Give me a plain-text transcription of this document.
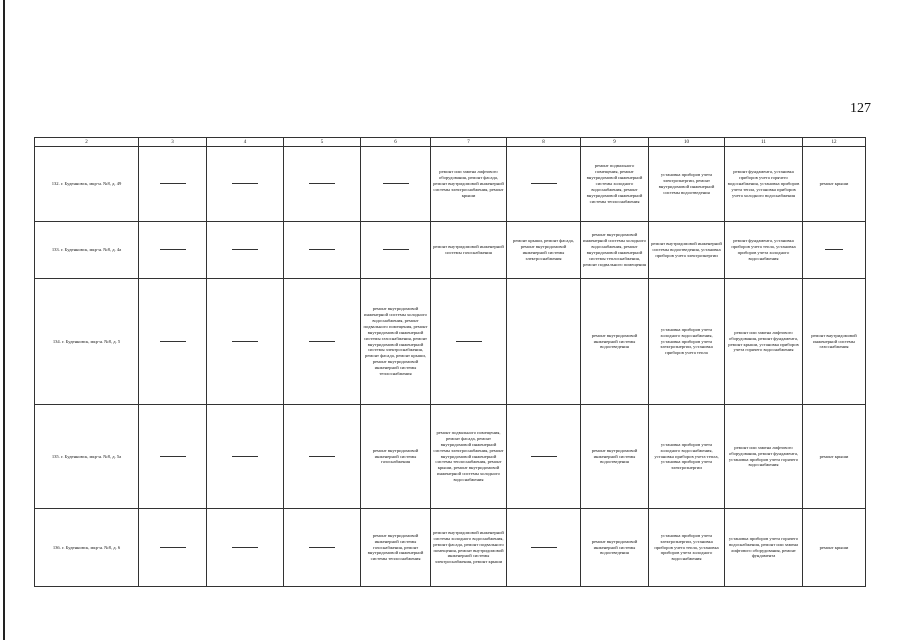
127
2	3	4	5	6	7	8	9	10	11	12
132. г. Буденновск, мкр-н. №8, д. 49					ремонт или замена лифтового оборудования, ремонт фасада, ремонт внутридомовой инженерной системы электроснабжения, ремонт крыши		ремонт подвального помещения, ремонт внутридомовой инженерной системы холодного водоснабжения, ремонт внутридомовой инженерной системы теплоснабжения	установка приборов учета электроэнергии, ремонт внутридомовой инженерной системы водоотведения	ремонт фундамента, установка приборов учета горячего водоснабжения, установка приборов учета тепла, установка приборов учета холодного водоснабжения	ремонт крыши
133. г. Буденновск, мкр-н. №8, д. 4а					ремонт внутридомовой инженерной системы газоснабжения	ремонт крыши, ремонт фасада, ремонт внутридомовой инженерной системы электроснабжения	ремонт внутридомовой инженерной системы холодного водоснабжения, ремонт внутридомовой инженерной системы теплоснабжения, ремонт подвального помещения	ремонт внутридомовой инженерной системы водоотведения, установка приборов учета электроэнергии	ремонт фундамента, установка приборов учета тепла, установка приборов учета холодного водоснабжения	
134. г. Буденновск, мкр-н. №8, д. 5				ремонт внутридомовой инженерной системы холодного водоснабжения, ремонт подвального помещения, ремонт внутридомовой инженерной системы газоснабжения, ремонт внутридомовой инженерной системы электроснабжения, ремонт фасада, ремонт крыши, ремонт внутридомовой инженерной системы теплоснабжения			ремонт внутридомовой инженерной системы водоотведения	установка приборов учета холодного водоснабжения, установка приборов учета электроэнергии, установка приборов учета тепла	ремонт или замена лифтового оборудования, ремонт фундамента, ремонт крыши, установка приборов учета горячего водоснабжения	ремонт внутридомовой инженерной системы газоснабжения
135. г. Буденновск, мкр-н. №8, д. 5а				ремонт внутридомовой инженерной системы газоснабжения	ремонт подвального помещения, ремонт фасада, ремонт внутридомовой инженерной системы электроснабжения, ремонт внутридомовой инженерной системы теплоснабжения, ремонт крыши, ремонт внутридомовой инженерной системы холодного водоснабжения		ремонт внутридомовой инженерной системы водоотведения	установка приборов учета холодного водоснабжения, установка приборов учета тепла, установка приборов учета электроэнергии	ремонт или замена лифтового оборудования, ремонт фундамента, установка приборов учета горячего водоснабжения	ремонт крыши
136. г. Буденновск, мкр-н. №8, д. 6				ремонт внутридомовой инженерной системы газоснабжения, ремонт внутридомовой инженерной системы теплоснабжения	ремонт внутридомовой инженерной системы холодного водоснабжения, ремонт фасада, ремонт подвального помещения, ремонт внутридомовой инженерной системы электроснабжения, ремонт крыши		ремонт внутридомовой инженерной системы водоотведения	установка приборов учета электроэнергии, установка приборов учета тепла, установка приборов учета холодного водоснабжения	установка приборов учета горячего водоснабжения, ремонт или замена лифтового оборудования, ремонт фундамента	ремонт крыши
